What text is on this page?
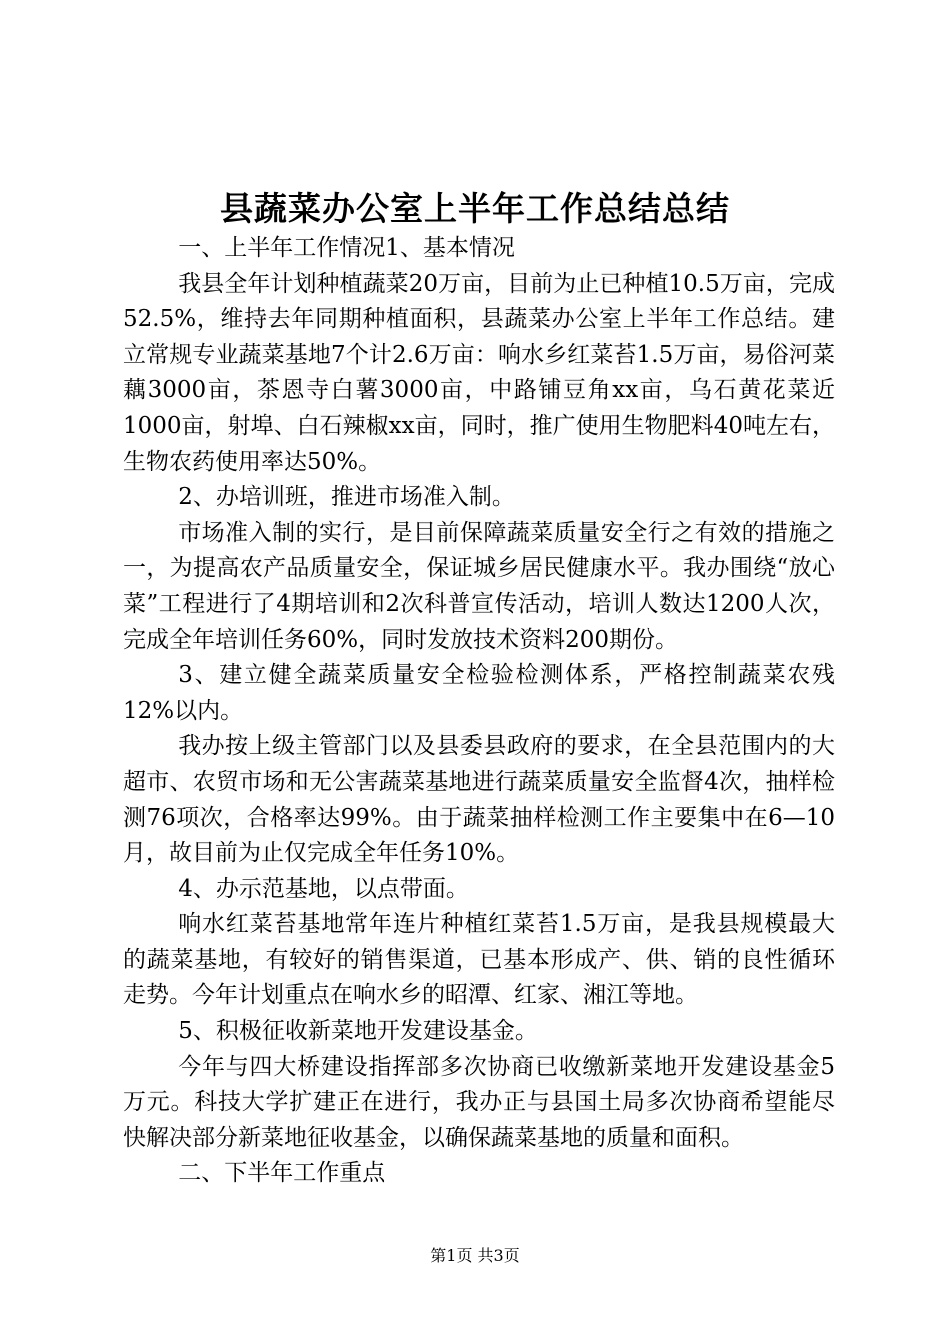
县蔬菜办公室上半年工作总结总结

一、上半年工作情况1、基本情况

我县全年计划种植蔬菜20万亩，目前为止已种植10.5万亩，完成52.5%，维持去年同期种植面积，县蔬菜办公室上半年工作总结。建立常规专业蔬菜基地7个计2.6万亩：响水乡红菜苔1.5万亩，易俗河菜藕3000亩，茶恩寺白薯3000亩，中路铺豆角xx亩，乌石黄花菜近1000亩，射埠、白石辣椒xx亩，同时，推广使用生物肥料40吨左右，生物农药使用率达50%。

2、办培训班，推进市场准入制。

市场准入制的实行，是目前保障蔬菜质量安全行之有效的措施之一，为提高农产品质量安全，保证城乡居民健康水平。我办围绕“放心菜”工程进行了4期培训和2次科普宣传活动，培训人数达1200人次，完成全年培训任务60%，同时发放技术资料200期份。

3、建立健全蔬菜质量安全检验检测体系，严格控制蔬菜农残12%以内。

我办按上级主管部门以及县委县政府的要求，在全县范围内的大超市、农贸市场和无公害蔬菜基地进行蔬菜质量安全监督4次，抽样检测76项次，合格率达99%。由于蔬菜抽样检测工作主要集中在6—10月，故目前为止仅完成全年任务10%。

4、办示范基地，以点带面。

响水红菜苔基地常年连片种植红菜苔1.5万亩，是我县规模最大的蔬菜基地，有较好的销售渠道，已基本形成产、供、销的良性循环走势。今年计划重点在响水乡的昭潭、红家、湘江等地。

5、积极征收新菜地开发建设基金。

今年与四大桥建设指挥部多次协商已收缴新菜地开发建设基金5万元。科技大学扩建正在进行，我办正与县国土局多次协商希望能尽快解决部分新菜地征收基金，以确保蔬菜基地的质量和面积。

二、下半年工作重点

第1页 共3页
